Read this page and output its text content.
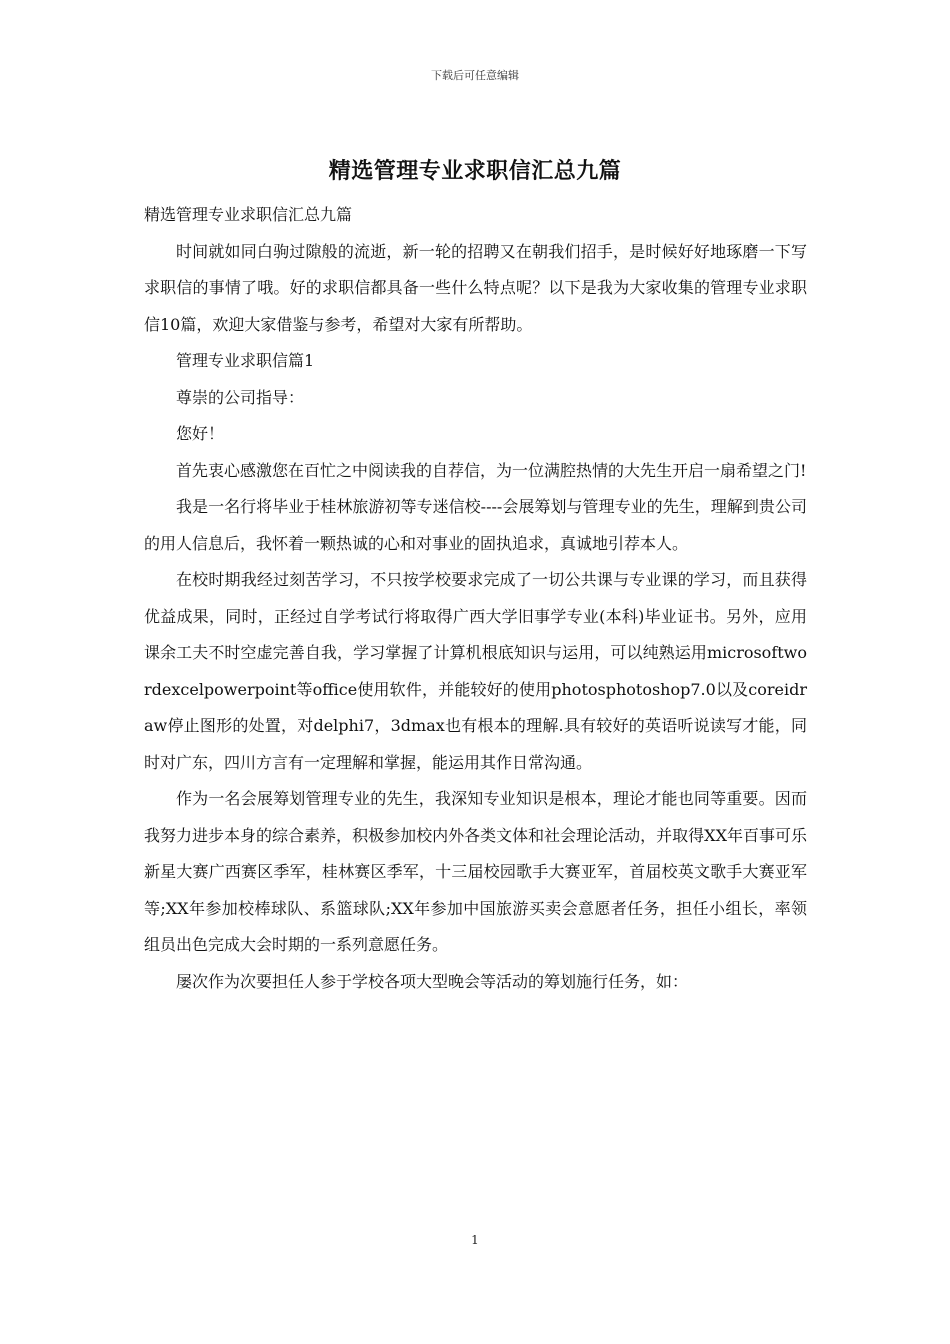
下载后可任意编辑
精选管理专业求职信汇总九篇

精选管理专业求职信汇总九篇

时间就如同白驹过隙般的流逝，新一轮的招聘又在朝我们招手，是时候好好地琢磨一下写求职信的事情了哦。好的求职信都具备一些什么特点呢？以下是我为大家收集的管理专业求职信10篇，欢迎大家借鉴与参考，希望对大家有所帮助。

管理专业求职信篇1

尊崇的公司指导：

您好！

首先衷心感激您在百忙之中阅读我的自荐信，为一位满腔热情的大先生开启一扇希望之门!

我是一名行将毕业于桂林旅游初等专迷信校----会展筹划与管理专业的先生，理解到贵公司的用人信息后，我怀着一颗热诚的心和对事业的固执追求，真诚地引荐本人。

在校时期我经过刻苦学习，不只按学校要求完成了一切公共课与专业课的学习，而且获得优益成果，同时，正经过自学考试行将取得广西大学旧事学专业(本科)毕业证书。另外，应用课余工夫不时空虚完善自我，学习掌握了计算机根底知识与运用，可以纯熟运用microsoftwordexcelpowerpoint等office使用软件，并能较好的使用photosphotoshop7.0以及coreidraw停止图形的处置，对delphi7，3dmax也有根本的理解.具有较好的英语听说读写才能，同时对广东，四川方言有一定理解和掌握，能运用其作日常沟通。

作为一名会展筹划管理专业的先生，我深知专业知识是根本，理论才能也同等重要。因而我努力进步本身的综合素养，积极参加校内外各类文体和社会理论活动，并取得XX年百事可乐新星大赛广西赛区季军，桂林赛区季军，十三届校园歌手大赛亚军，首届校英文歌手大赛亚军等;XX年参加校棒球队、系篮球队;XX年参加中国旅游买卖会意愿者任务，担任小组长，率领组员出色完成大会时期的一系列意愿任务。

屡次作为次要担任人参于学校各项大型晚会等活动的筹划施行任务，如：

1
